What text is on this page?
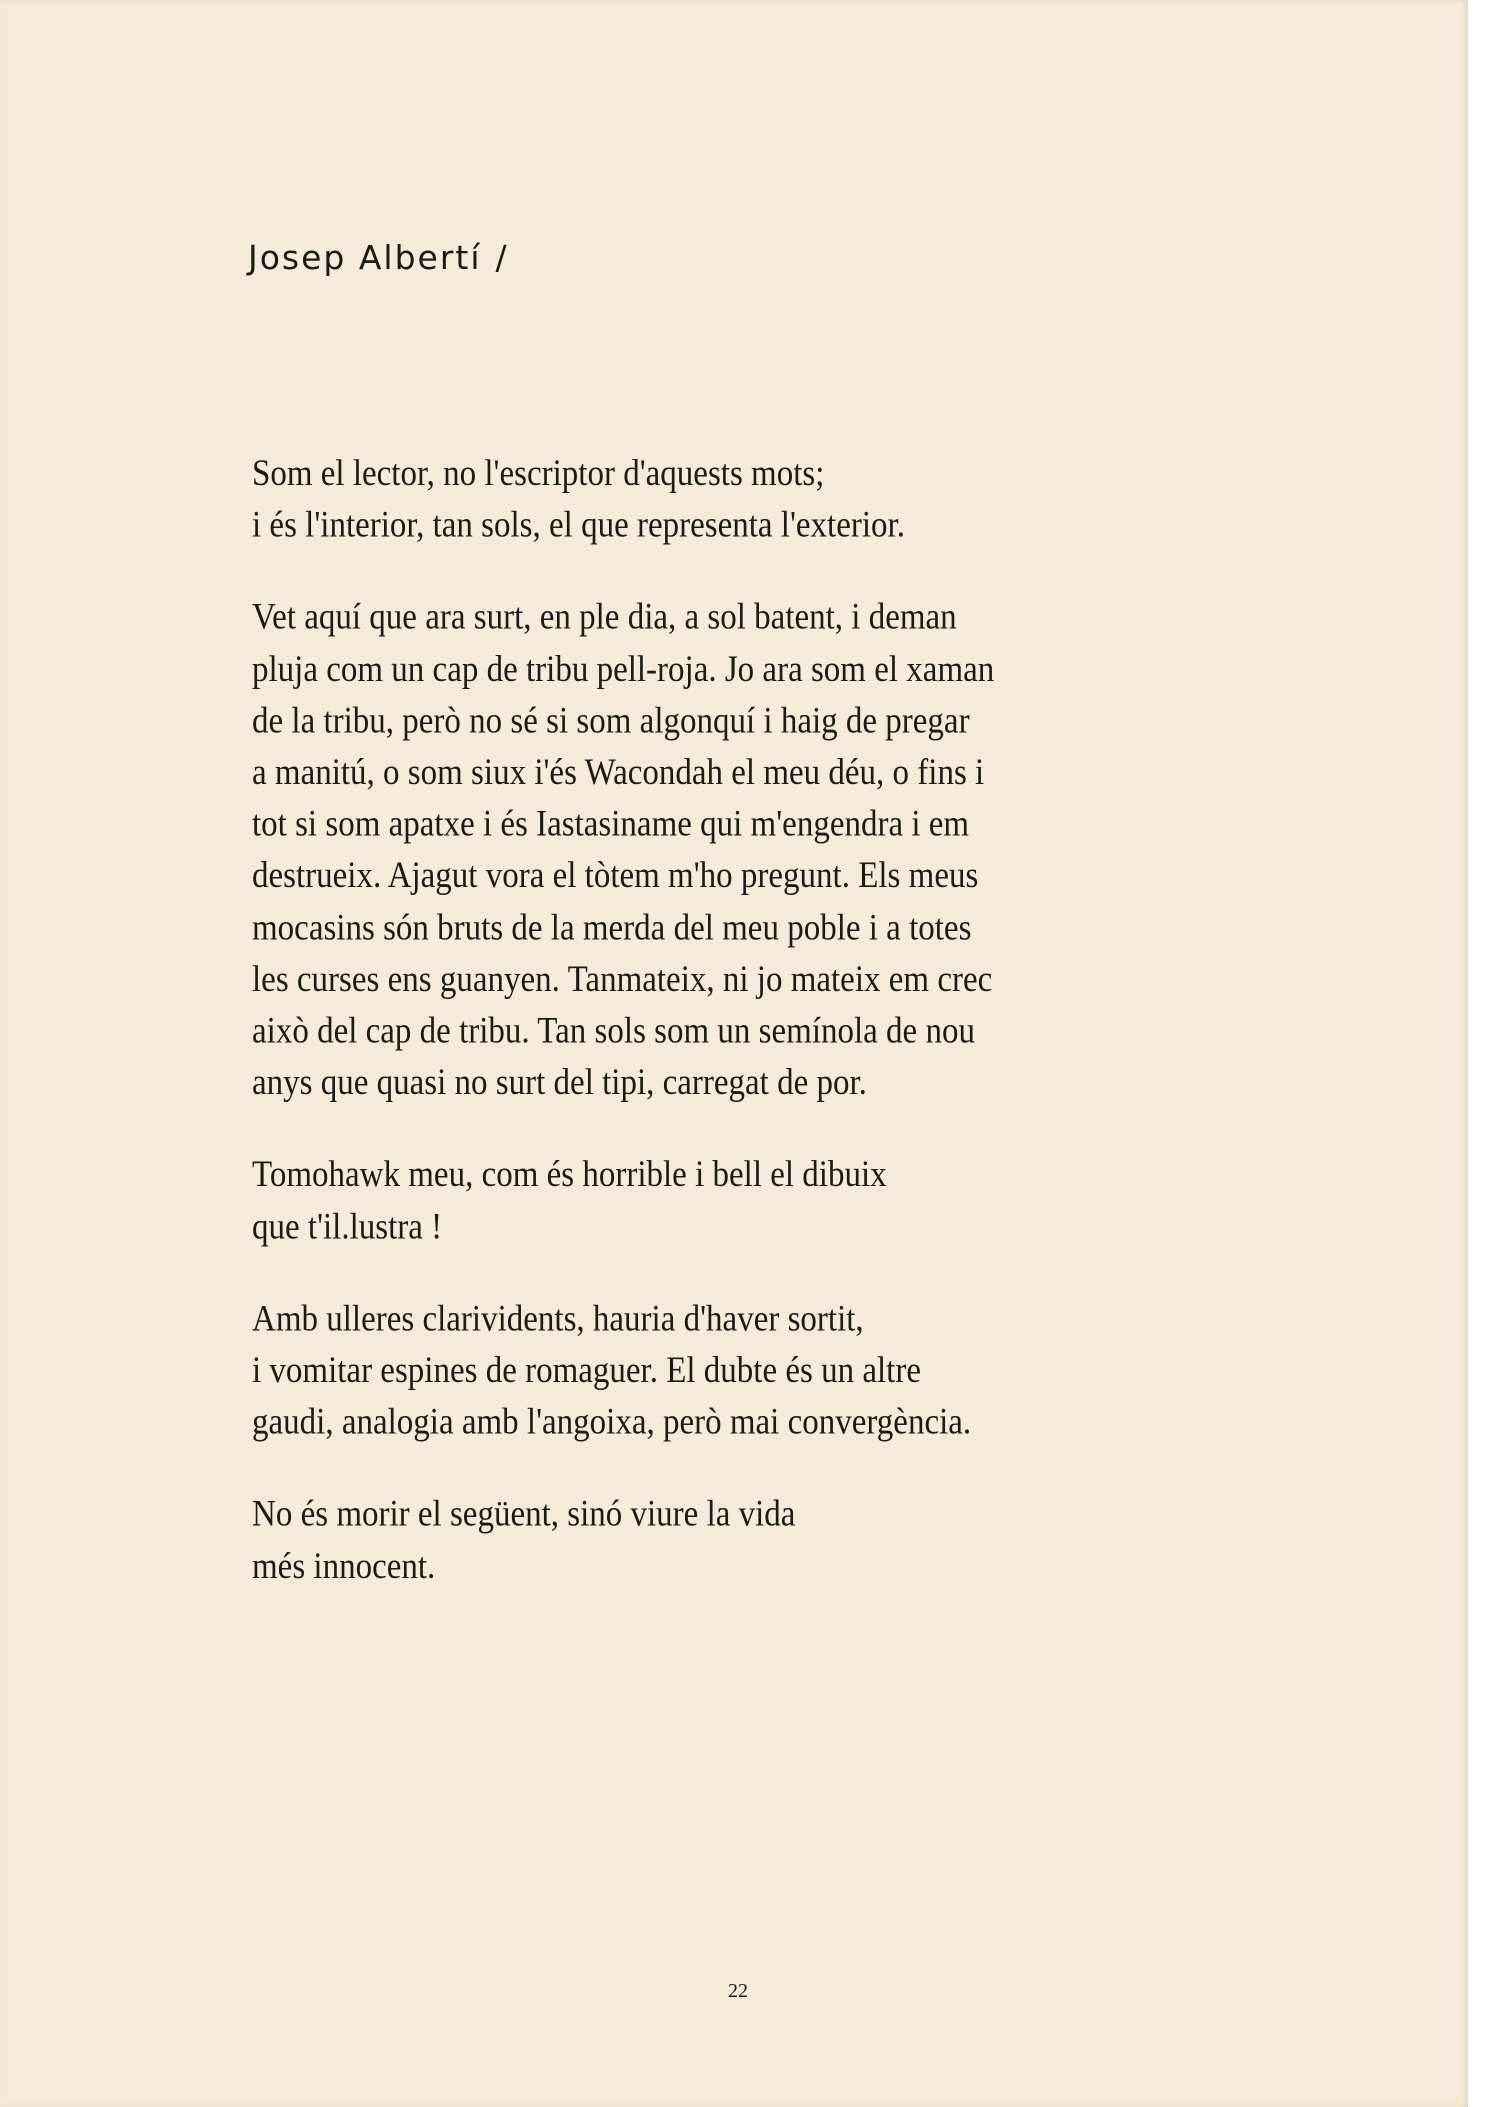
Josep Albertí /
Som el lector, no l'escriptor d'aquests mots;
i és l'interior, tan sols, el que representa l'exterior.
Vet aquí que ara surt, en ple dia, a sol batent, i deman
pluja com un cap de tribu pell-roja. Jo ara som el xaman
de la tribu, però no sé si som algonquí i haig de pregar
a manitú, o som siux i'és Wacondah el meu déu, o fins i
tot si som apatxe i és Iastasiname qui m'engendra i em
destrueix. Ajagut vora el tòtem m'ho pregunt. Els meus
mocasins són bruts de la merda del meu poble i a totes
les curses ens guanyen. Tanmateix, ni jo mateix em crec
això del cap de tribu. Tan sols som un semínola de nou
anys que quasi no surt del tipi, carregat de por.
Tomohawk meu, com és horrible i bell el dibuix
que t'il.lustra !
Amb ulleres clarividents, hauria d'haver sortit,
i vomitar espines de romaguer. El dubte és un altre
gaudi, analogia amb l'angoixa, però mai convergència.
No és morir el següent, sinó viure la vida
més innocent.
22
